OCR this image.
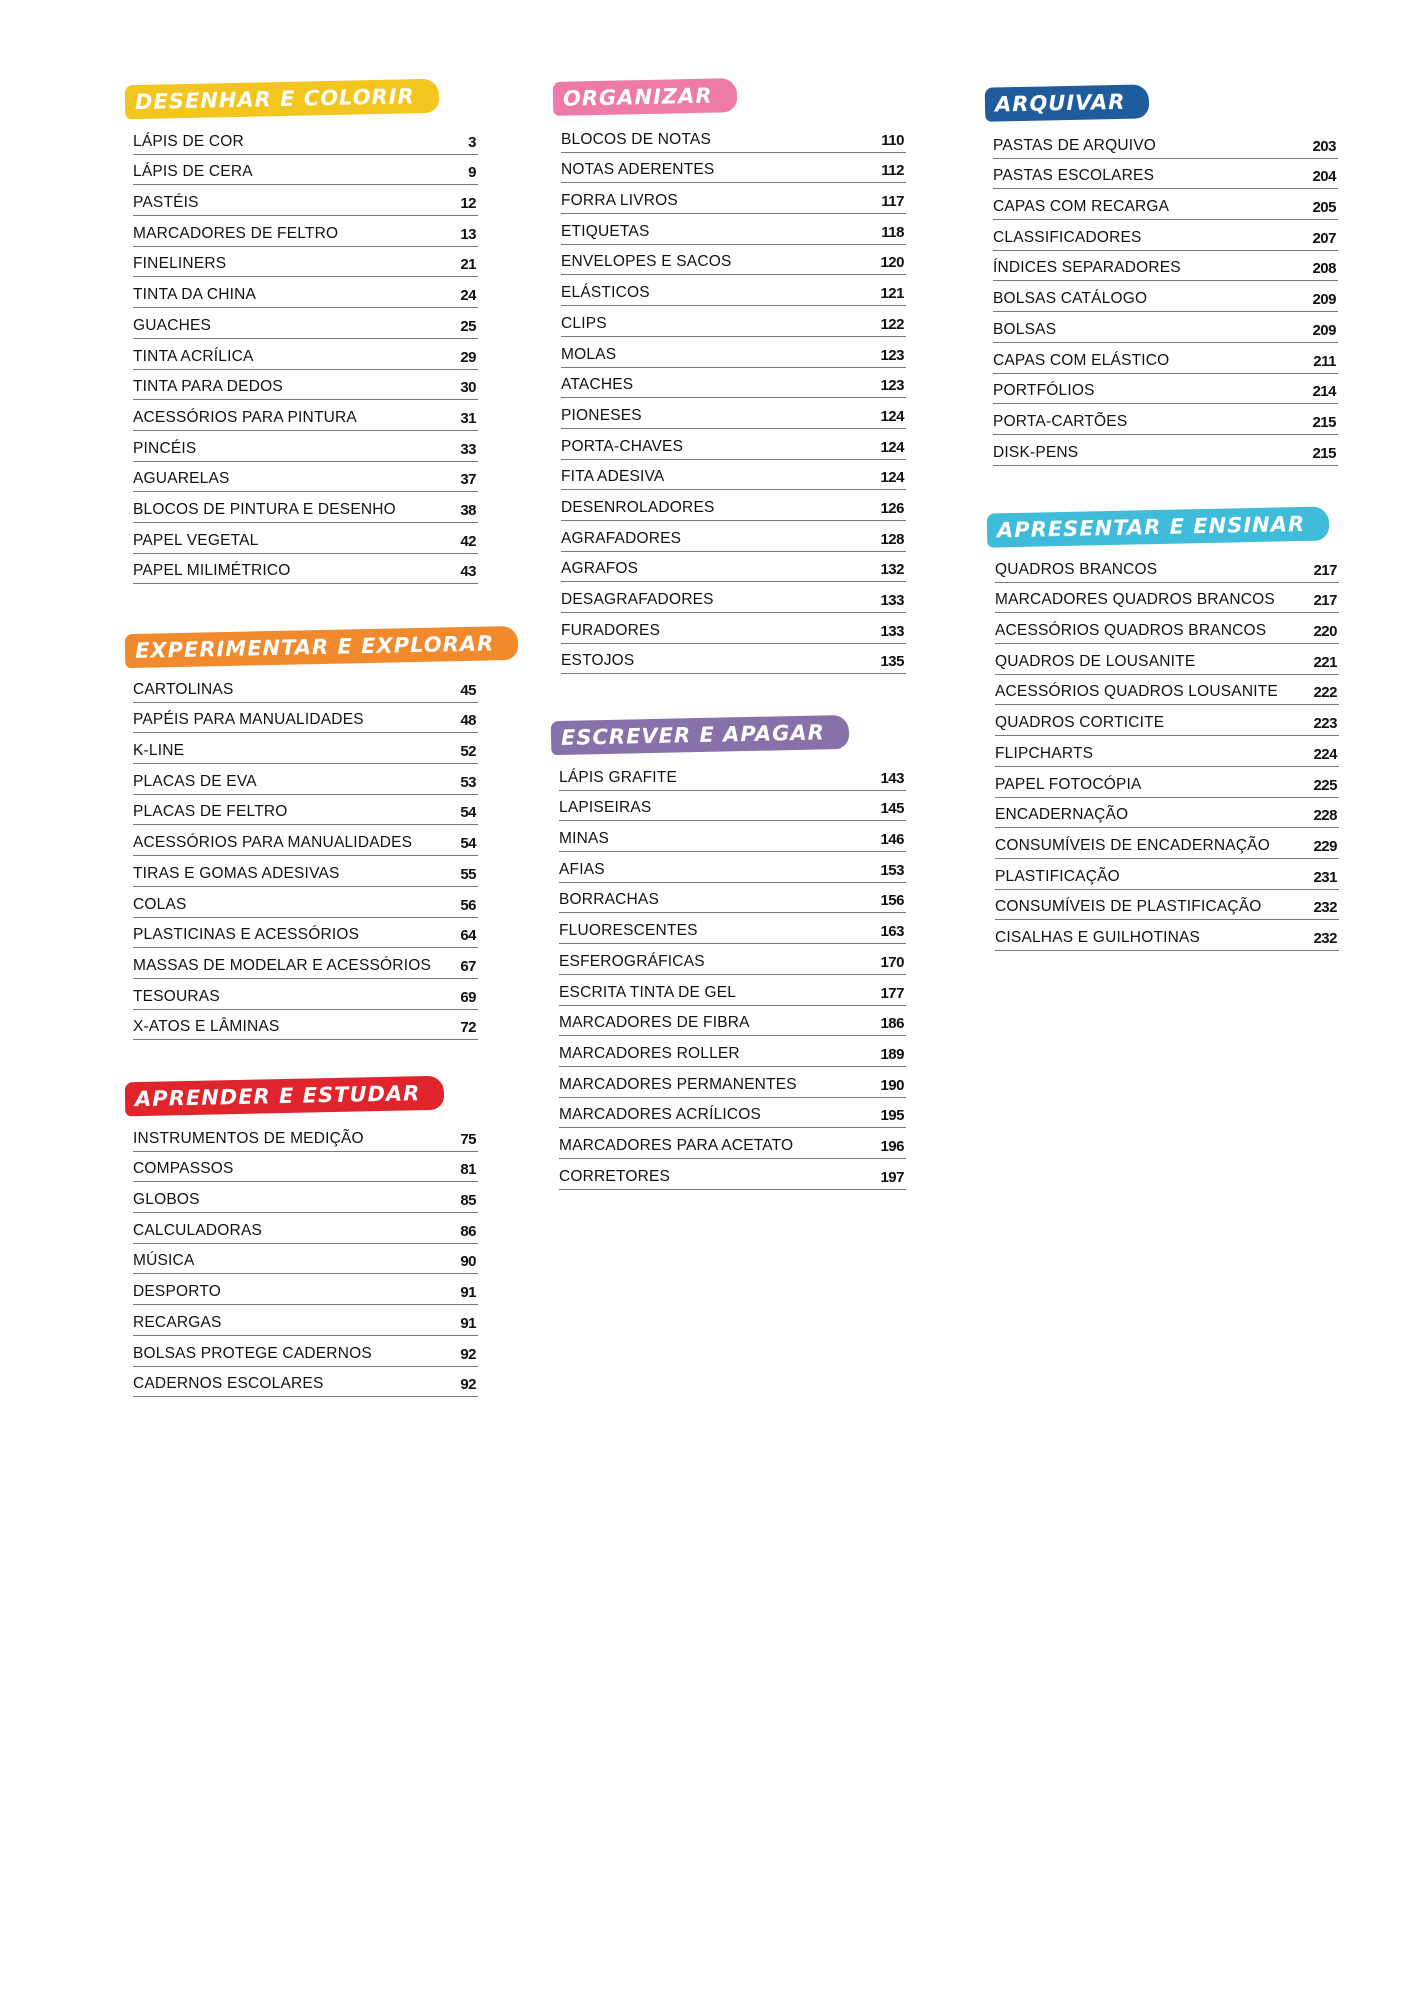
DESENHAR E COLORIR
LÁPIS DE COR	3
LÁPIS DE CERA	9
PASTÉIS	12
MARCADORES DE FELTRO	13
FINELINERS	21
TINTA DA CHINA	24
GUACHES	25
TINTA ACRÍLICA	29
TINTA PARA DEDOS	30
ACESSÓRIOS PARA PINTURA	31
PINCÉIS	33
AGUARELAS	37
BLOCOS DE PINTURA E DESENHO	38
PAPEL VEGETAL	42
PAPEL MILIMÉTRICO	43
EXPERIMENTAR E EXPLORAR
CARTOLINAS	45
PAPÉIS PARA MANUALIDADES	48
K-LINE	52
PLACAS DE EVA	53
PLACAS DE FELTRO	54
ACESSÓRIOS PARA MANUALIDADES	54
TIRAS E GOMAS ADESIVAS	55
COLAS	56
PLASTICINAS E ACESSÓRIOS	64
MASSAS DE MODELAR E ACESSÓRIOS 67
TESOURAS	69
X-ATOS E LÂMINAS	72
APRENDER E ESTUDAR
INSTRUMENTOS DE MEDIÇÃO	75
COMPASSOS	81
GLOBOS	85
CALCULADORAS	86
MÚSICA	90
DESPORTO	91
RECARGAS	91
BOLSAS PROTEGE CADERNOS	92
CADERNOS ESCOLARES	92
ORGANIZAR
BLOCOS DE NOTAS	110
NOTAS ADERENTES	112
FORRA LIVROS	117
ETIQUETAS	118
ENVELOPES E SACOS	120
ELÁSTICOS	121
CLIPS	122
MOLAS	123
ATACHES	123
PIONESES	124
PORTA-CHAVES	124
FITA ADESIVA	124
DESENROLADORES	126
AGRAFADORES	128
AGRAFOS	132
DESAGRAFADORES	133
FURADORES	133
ESTOJOS	135
ESCREVER E APAGAR
LÁPIS GRAFITE	143
LAPISEIRAS	145
MINAS	146
AFIAS	153
BORRACHAS	156
FLUORESCENTES	163
ESFEROGRÁFICAS	170
ESCRITA TINTA DE GEL	177
MARCADORES DE FIBRA	186
MARCADORES ROLLER	189
MARCADORES PERMANENTES	190
MARCADORES ACRÍLICOS	195
MARCADORES PARA ACETATO	196
CORRETORES	197
ARQUIVAR
PASTAS DE ARQUIVO	203
PASTAS ESCOLARES	204
CAPAS COM RECARGA	205
CLASSIFICADORES	207
ÍNDICES SEPARADORES	208
BOLSAS CATÁLOGO	209
BOLSAS	209
CAPAS COM ELÁSTICO	211
PORTFÓLIOS	214
PORTA-CARTÕES	215
DISK-PENS	215
APRESENTAR E ENSINAR
QUADROS BRANCOS	217
MARCADORES QUADROS BRANCOS	217
ACESSÓRIOS QUADROS BRANCOS	220
QUADROS DE LOUSANITE	221
ACESSÓRIOS QUADROS LOUSANITE 222
QUADROS CORTICITE	223
FLIPCHARTS	224
PAPEL FOTOCÓPIA	225
ENCADERNAÇÃO	228
CONSUMÍVEIS DE ENCADERNAÇÃO	229
PLASTIFICAÇÃO	231
CONSUMÍVEIS DE PLASTIFICAÇÃO	232
CISALHAS E GUILHOTINAS	232
